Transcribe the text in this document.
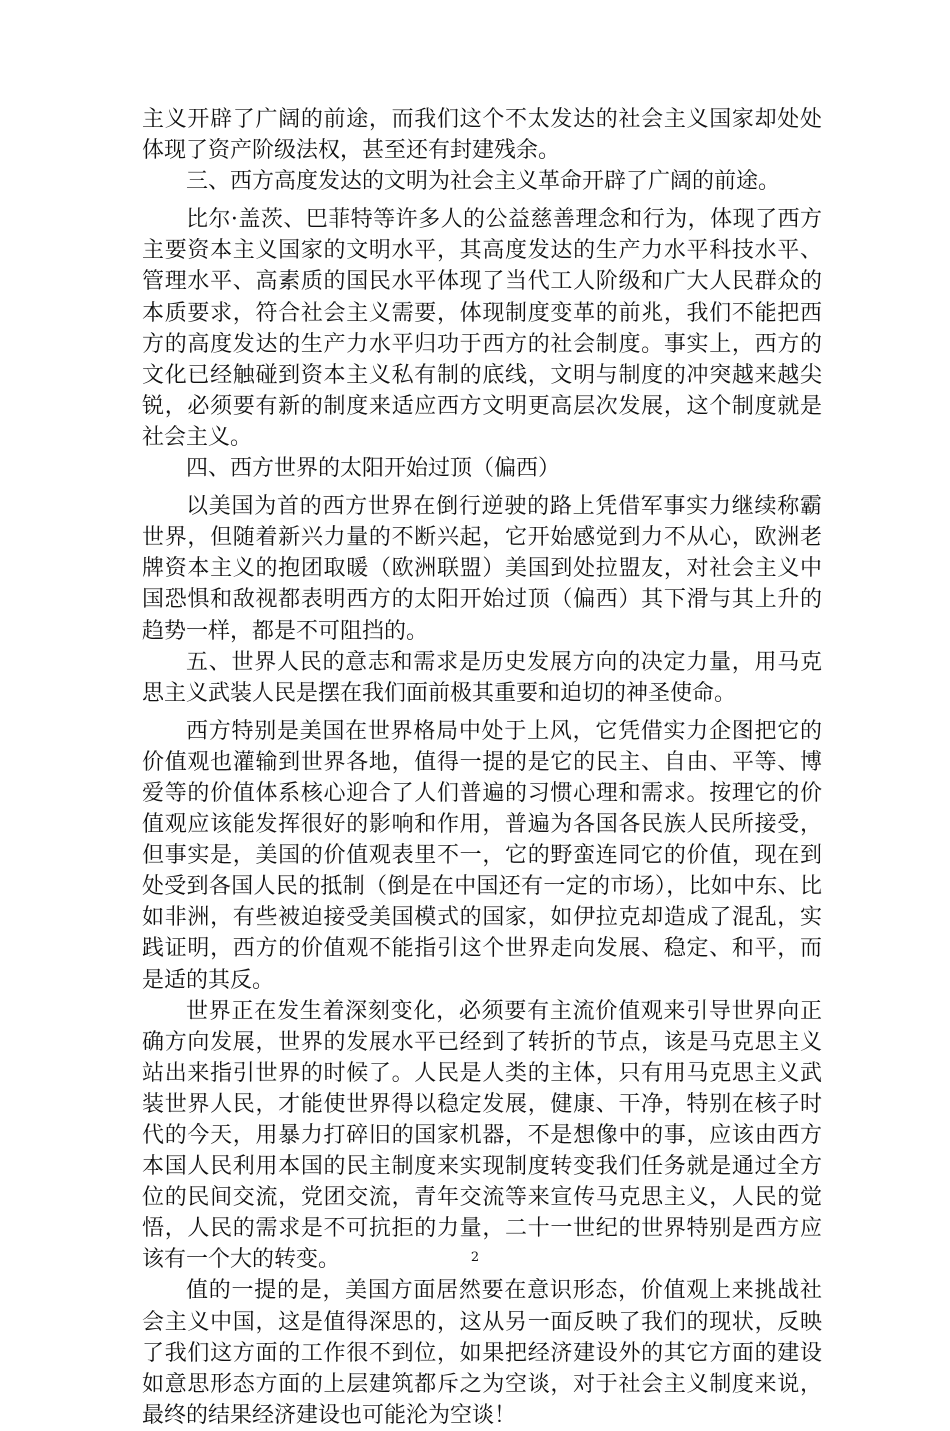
主义开辟了广阔的前途，而我们这个不太发达的社会主义国家却处处体现了资产阶级法权，甚至还有封建残余。

三、西方高度发达的文明为社会主义革命开辟了广阔的前途。

比尔·盖茨、巴菲特等许多人的公益慈善理念和行为，体现了西方主要资本主义国家的文明水平，其高度发达的生产力水平科技水平、管理水平、高素质的国民水平体现了当代工人阶级和广大人民群众的本质要求，符合社会主义需要，体现制度变革的前兆，我们不能把西方的高度发达的生产力水平归功于西方的社会制度。事实上，西方的文化已经触碰到资本主义私有制的底线，文明与制度的冲突越来越尖锐，必须要有新的制度来适应西方文明更高层次发展，这个制度就是社会主义。

四、西方世界的太阳开始过顶（偏西）

以美国为首的西方世界在倒行逆驶的路上凭借军事实力继续称霸世界，但随着新兴力量的不断兴起，它开始感觉到力不从心，欧洲老牌资本主义的抱团取暖（欧洲联盟）美国到处拉盟友，对社会主义中国恐惧和敌视都表明西方的太阳开始过顶（偏西）其下滑与其上升的趋势一样，都是不可阻挡的。

五、世界人民的意志和需求是历史发展方向的决定力量，用马克思主义武装人民是摆在我们面前极其重要和迫切的神圣使命。

西方特别是美国在世界格局中处于上风，它凭借实力企图把它的价值观也灌输到世界各地，值得一提的是它的民主、自由、平等、博爱等的价值体系核心迎合了人们普遍的习惯心理和需求。按理它的价值观应该能发挥很好的影响和作用，普遍为各国各民族人民所接受，但事实是，美国的价值观表里不一，它的野蛮连同它的价值，现在到处受到各国人民的抵制（倒是在中国还有一定的市场），比如中东、比如非洲，有些被迫接受美国模式的国家，如伊拉克却造成了混乱，实践证明，西方的价值观不能指引这个世界走向发展、稳定、和平，而是适的其反。

世界正在发生着深刻变化，必须要有主流价值观来引导世界向正确方向发展，世界的发展水平已经到了转折的节点，该是马克思主义站出来指引世界的时候了。人民是人类的主体，只有用马克思主义武装世界人民，才能使世界得以稳定发展，健康、干净，特别在核子时代的今天，用暴力打碎旧的国家机器，不是想像中的事，应该由西方本国人民利用本国的民主制度来实现制度转变我们任务就是通过全方位的民间交流，党团交流，青年交流等来宣传马克思主义，人民的觉悟，人民的需求是不可抗拒的力量，二十一世纪的世界特别是西方应该有一个大的转变。

值的一提的是，美国方面居然要在意识形态，价值观上来挑战社会主义中国，这是值得深思的，这从另一面反映了我们的现状，反映了我们这方面的工作很不到位，如果把经济建设外的其它方面的建设如意思形态方面的上层建筑都斥之为空谈，对于社会主义制度来说，最终的结果经济建设也可能沦为空谈！

2
